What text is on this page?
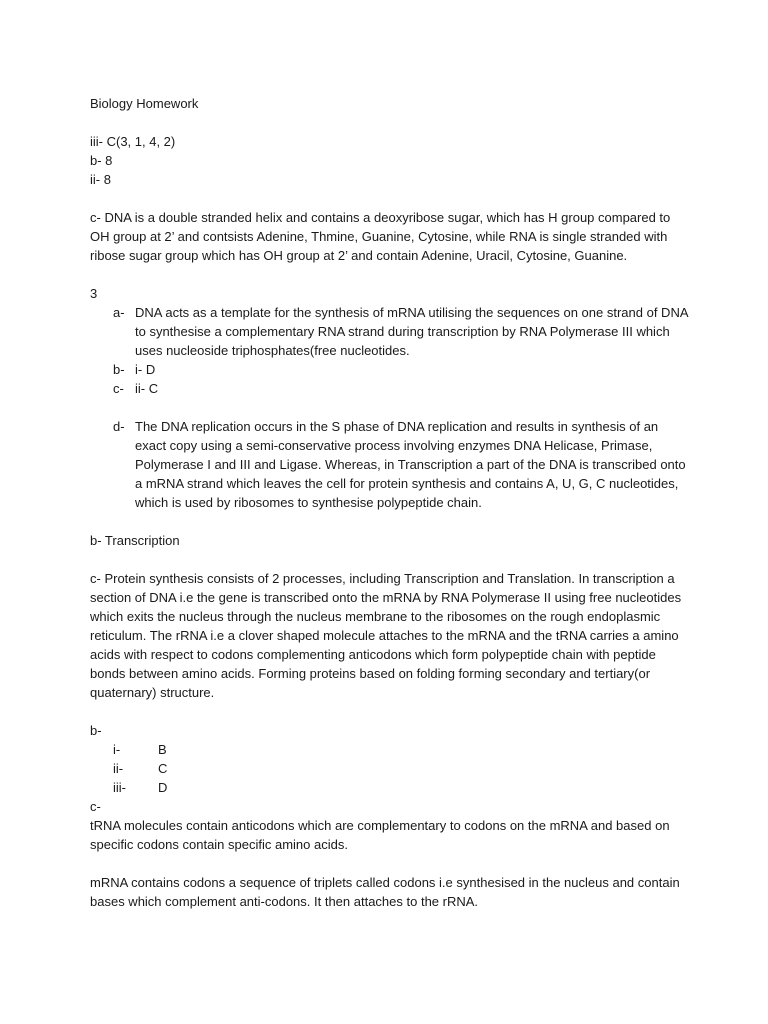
Biology Homework

iii- C(3, 1, 4, 2)

b- 8

ii- 8

c- DNA is a double stranded helix and contains a deoxyribose sugar, which has H group compared to OH group at 2’ and contsists Adenine, Thmine, Guanine, Cytosine, while RNA is single stranded with ribose sugar group which has OH group at 2’ and contain Adenine, Uracil, Cytosine, Guanine.

3

a- DNA acts as a template for the synthesis of mRNA utilising the sequences on one strand of DNA to synthesise a complementary RNA strand during transcription by RNA Polymerase III which uses nucleoside triphosphates(free nucleotides.
b- i- D
c- ii- C
d- The DNA replication occurs in the S phase of DNA replication and results in synthesis of an exact copy using a semi-conservative process involving enzymes DNA Helicase, Primase, Polymerase I and III and Ligase. Whereas, in Transcription a part of the DNA is transcribed onto a mRNA strand which leaves the cell for protein synthesis and contains A, U, G, C nucleotides, which is used by ribosomes to synthesise polypeptide chain.

b- Transcription

c- Protein synthesis consists of 2 processes, including Transcription and Translation. In transcription a section of DNA i.e the gene is transcribed onto the mRNA by RNA Polymerase II using free nucleotides which exits the nucleus through the nucleus membrane to the ribosomes on the rough endoplasmic reticulum. The rRNA i.e a clover shaped molecule attaches to the mRNA and the tRNA carries a amino acids with respect to codons complementing anticodons which form polypeptide chain with peptide bonds between amino acids. Forming proteins based on folding forming secondary and tertiary(or quaternary) structure.

b-

i-	B
ii-	C
iii-	D

c-

tRNA molecules contain anticodons which are complementary to codons on the mRNA and based on specific codons contain specific amino acids.

mRNA contains codons a sequence of triplets called codons i.e synthesised in the nucleus and contain bases which complement anti-codons. It then attaches to the rRNA.
